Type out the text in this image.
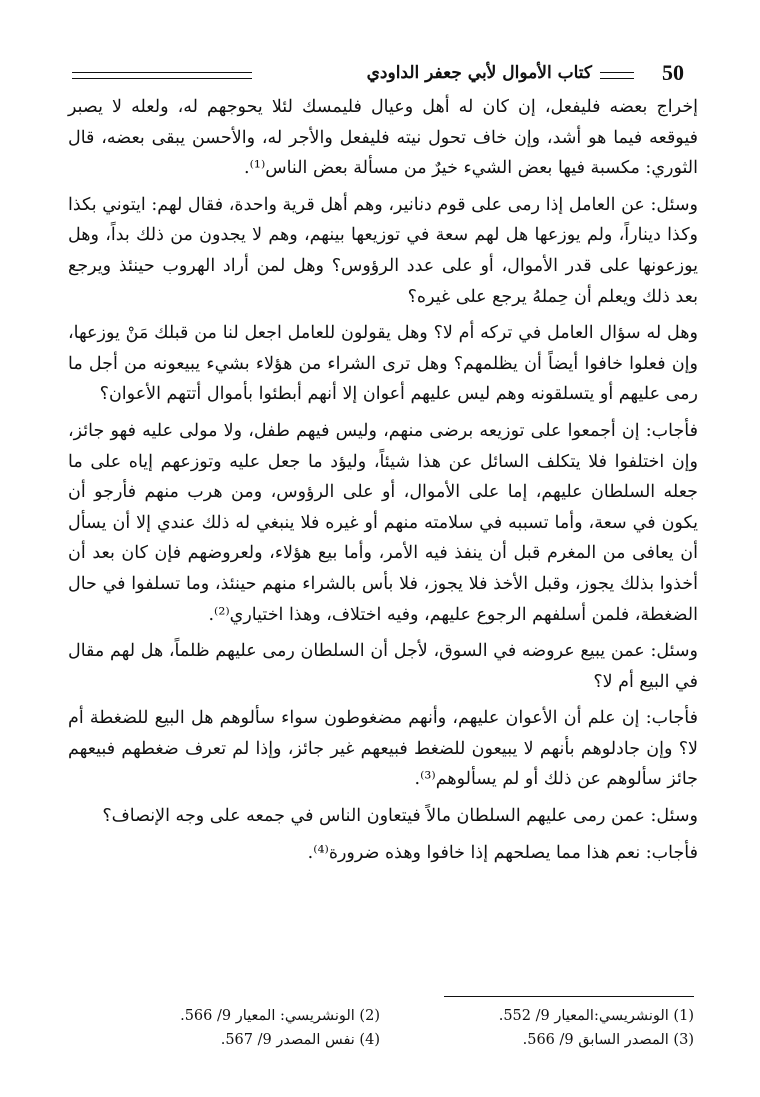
كتاب الأموال لأبي جعفر الداودي	50

إخراج بعضه فليفعل، إن كان له أهل وعيال فليمسك لئلا يحوجهم له، ولعله لا يصبر فيوقعه فيما هو أشد، وإن خاف تحول نيته فليفعل والأجر له، والأحسن يبقى بعضه، قال الثوري: مكسبة فيها بعض الشيء خيرٌ من مسألة بعض الناس⁽¹⁾.

وسئل: عن العامل إذا رمى على قوم دنانير، وهم أهل قرية واحدة، فقال لهم: ايتوني بكذا وكذا ديناراً، ولم يوزعها هل لهم سعة في توزيعها بينهم، وهم لا يجدون من ذلك بداً، وهل يوزعونها على قدر الأموال، أو على عدد الرؤوس؟ وهل لمن أراد الهروب حينئذ ويرجع بعد ذلك ويعلم أن حِملهُ يرجع على غيره؟

وهل له سؤال العامل في تركه أم لا؟ وهل يقولون للعامل اجعل لنا من قبلك مَنْ يوزعها، وإن فعلوا خافوا أيضاً أن يظلمهم؟ وهل ترى الشراء من هؤلاء بشيء يبيعونه من أجل ما رمى عليهم أو يتسلقونه وهم ليس عليهم أعوان إلا أنهم أبطئوا بأموال أتتهم الأعوان؟

فأجاب: إن أجمعوا على توزيعه برضى منهم، وليس فيهم طفل، ولا مولى عليه فهو جائز، وإن اختلفوا فلا يتكلف السائل عن هذا شيئاً، وليؤد ما جعل عليه وتوزعهم إياه على ما جعله السلطان عليهم، إما على الأموال، أو على الرؤوس، ومن هرب منهم فأرجو أن يكون في سعة، وأما تسببه في سلامته منهم أو غيره فلا ينبغي له ذلك عندي إلا أن يسأل أن يعافى من المغرم قبل أن ينفذ فيه الأمر، وأما بيع هؤلاء، ولعروضهم فإن كان بعد أن أخذوا بذلك يجوز، وقبل الأخذ فلا يجوز، فلا بأس بالشراء منهم حينئذ، وما تسلفوا في حال الضغطة، فلمن أسلفهم الرجوع عليهم، وفيه اختلاف، وهذا اختياري⁽²⁾.

وسئل: عمن يبيع عروضه في السوق، لأجل أن السلطان رمى عليهم ظلماً، هل لهم مقال في البيع أم لا؟

فأجاب: إن علم أن الأعوان عليهم، وأنهم مضغوطون سواء سألوهم هل البيع للضغطة أم لا؟ وإن جادلوهم بأنهم لا يبيعون للضغط فبيعهم غير جائز، وإذا لم تعرف ضغطهم فبيعهم جائز سألوهم عن ذلك أو لم يسألوهم⁽³⁾.

وسئل: عمن رمى عليهم السلطان مالاً فيتعاون الناس في جمعه على وجه الإنصاف؟

فأجاب: نعم هذا مما يصلحهم إذا خافوا وهذه ضرورة⁽⁴⁾.

(1) الونشريسي:المعيار 9/ 552.
(2) الونشريسي: المعيار 9/ 566.
(3) المصدر السابق 9/ 566.
(4) نفس المصدر 9/ 567.
